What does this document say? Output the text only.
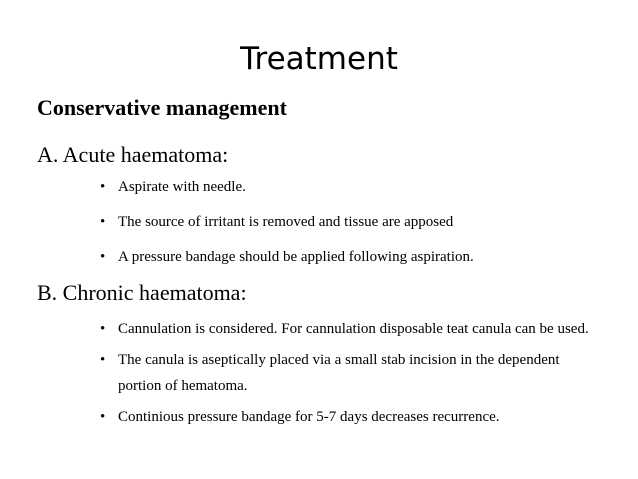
Treatment
Conservative management
A. Acute haematoma:
• Aspirate with needle.
• The source of irritant is removed and tissue are apposed
• A pressure bandage should be applied following aspiration.
B. Chronic haematoma:
• Cannulation is considered. For cannulation disposable teat canula can be used.
• The canula is aseptically placed via a small stab incision in the dependent portion of hematoma.
• Continious pressure bandage for 5-7 days decreases recurrence.
